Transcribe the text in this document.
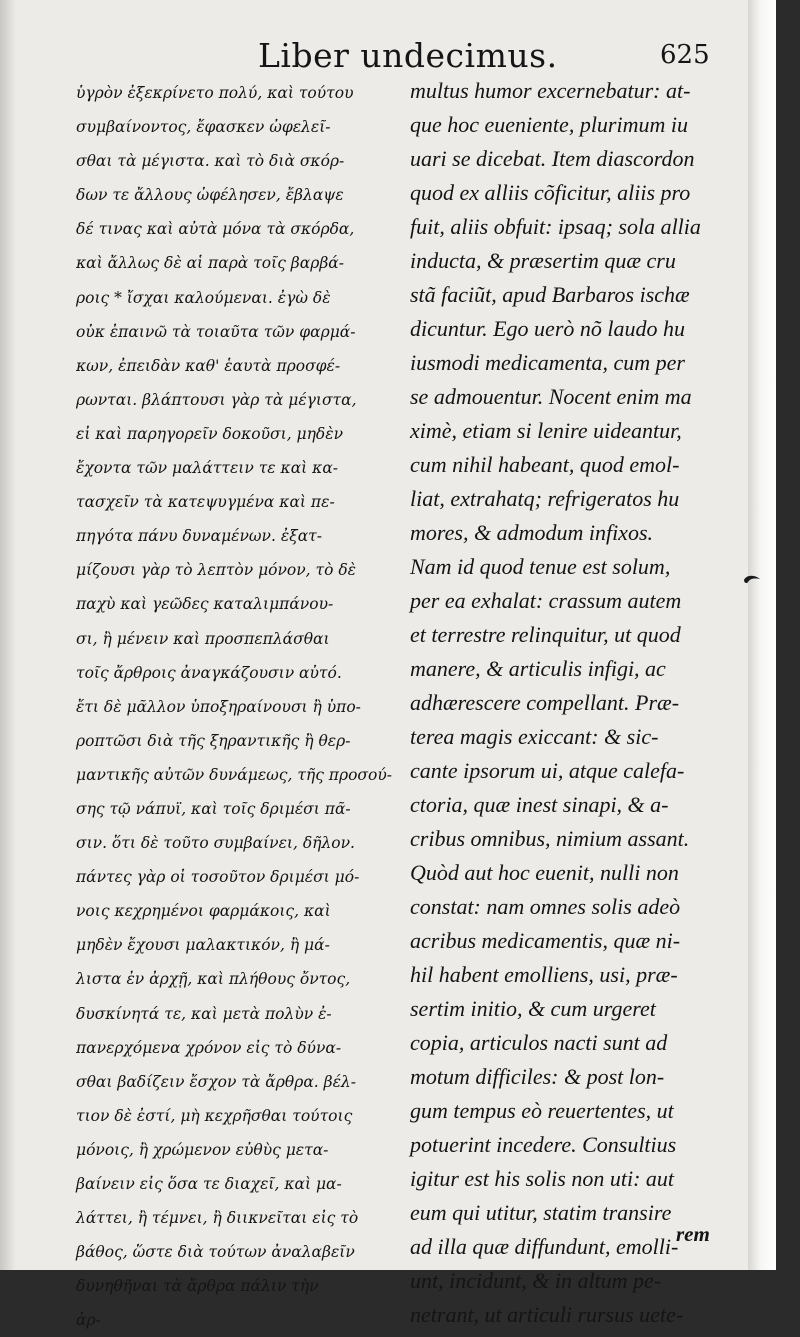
Liber undecimus.	625
ὑγρὸν ἐξεκρίνετο πολύ, καὶ τούτου
συμβαίνοντος, ἔφασκεν ὠφελεῖ-
σθαι τὰ μέγιστα. καὶ τὸ διὰ σκόρ-
δων τε ἄλλους ὠφέλησεν, ἔβλαψε
δέ τινας καὶ αὐτὰ μόνα τὰ σκόρδα,
καὶ ἄλλως δὲ αἱ παρὰ τοῖς βαρβά-
ροις * ἴσχαι καλούμεναι. ἐγὼ δὲ
οὐκ ἐπαινῶ τὰ τοιαῦτα τῶν φαρμά-
κων, ἐπειδὰν καθ' ἑαυτὰ προσφέ-
ρωνται. βλάπτουσι γὰρ τὰ μέγιστα,
εἰ καὶ παρηγορεῖν δοκοῦσι, μηδὲν
ἔχοντα τῶν μαλάττειν τε καὶ κα-
τασχεῖν τὰ κατεψυγμένα καὶ πε-
πηγότα πάνυ δυναμένων. ἐξατ-
μίζουσι γὰρ τὸ λεπτὸν μόνον, τὸ δὲ
παχὺ καὶ γεῶδες καταλιμπάνου-
σι, ἢ μένειν καὶ προσπεπλάσθαι
τοῖς ἄρθροις ἀναγκάζουσιν αὐτό.
ἔτι δὲ μᾶλλον ὑποξηραίνουσι ἢ ὑπο-
ροπτῶσι διὰ τῆς ξηραντικῆς ἢ θερ-
μαντικῆς αὐτῶν δυνάμεως, τῆς προσού-
σης τῷ νάπυϊ, καὶ τοῖς δριμέσι πᾶ-
σιν. ὅτι δὲ τοῦτο συμβαίνει, δῆλον.
πάντες γὰρ οἱ τοσοῦτον δριμέσι μό-
νοις κεχρημένοι φαρμάκοις, καὶ
μηδὲν ἔχουσι μαλακτικόν, ἢ μά-
λιστα ἐν ἀρχῇ, καὶ πλήθους ὄντος,
δυσκίνητά τε, καὶ μετὰ πολὺν ἐ-
πανερχόμενα χρόνον εἰς τὸ δύνα-
σθαι βαδίζειν ἔσχον τὰ ἄρθρα. βέλ-
τιον δὲ ἐστί, μὴ κεχρῆσθαι τούτοις
μόνοις, ἢ χρώμενον εὐθὺς μετα-
βαίνειν εἰς ὅσα τε διαχεῖ, καὶ μα-
λάττει, ἢ τέμνει, ἢ διικνεῖται εἰς τὸ
βάθος, ὥστε διὰ τούτων ἀναλαβεῖν
δυνηθῆναι τὰ ἄρθρα πάλιν τὴν
ἀρ-
multus humor excernebatur: at-
que hoc eueniente, plurimum iu
uari se dicebat. Item diascordon
quod ex alliis cõficitur, aliis pro
fuit, aliis obfuit: ipsaq; sola allia
inducta, & præsertim quæ cru
stã faciũt, apud Barbaros ischæ
dicuntur. Ego uerò nõ laudo hu
iusmodi medicamenta, cum per
se admouentur. Nocent enim ma
ximè, etiam si lenire uideantur,
cum nihil habeant, quod emol-
liat, extrahatq; refrigeratos hu
mores, & admodum infixos.
Nam id quod tenue est solum,
per ea exhalat: crassum autem
et terrestre relinquitur, ut quod
manere, & articulis infigi, ac
adhærescere compellant. Præ-
terea magis exiccant: & sic-
cante ipsorum ui, atque calefa-
ctoria, quæ inest sinapi, & a-
cribus omnibus, nimium assant.
Quòd aut hoc euenit, nulli non
constat: nam omnes solis adeò
acribus medicamentis, quæ ni-
hil habent emolliens, usi, præ-
sertim initio, & cum urgeret
copia, articulos nacti sunt ad
motum difficiles: & post lon-
gum tempus eò reuertentes, ut
potuerint incedere. Consultius
igitur est his solis non uti: aut
eum qui utitur, statim transire
ad illa quæ diffundunt, emolli-
unt, incidunt, & in altum pe-
netrant, ut articuli rursus uete-
rem
